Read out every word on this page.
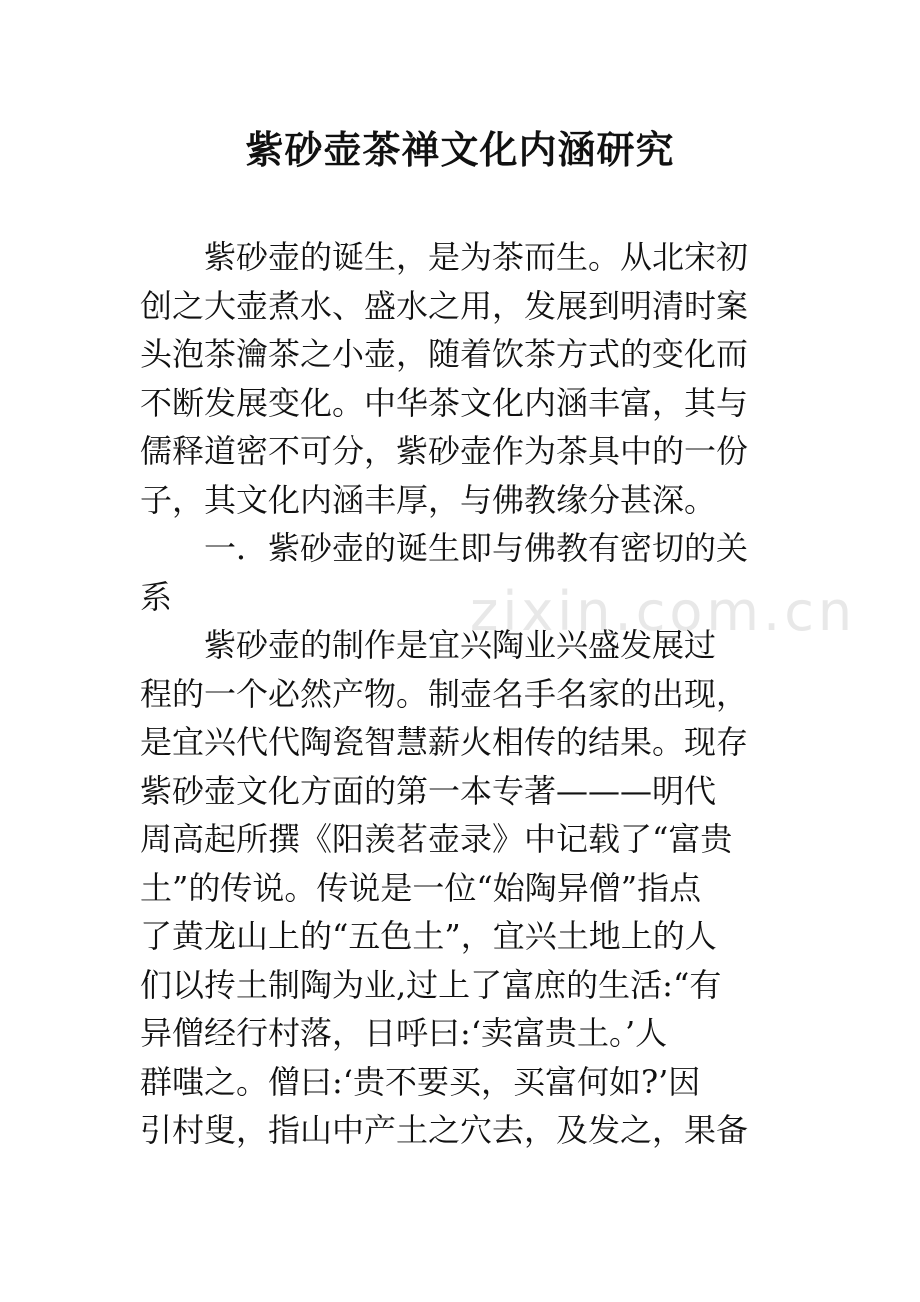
紫砂壶茶禅文化内涵研究
zixin.com.cn

紫砂壶的诞生，是为茶而生。从北宋初

创之大壶煮水、盛水之用，发展到明清时案

头泡茶瀹茶之小壶，随着饮茶方式的变化而

不断发展变化。中华茶文化内涵丰富，其与

儒释道密不可分，紫砂壶作为茶具中的一份

子，其文化内涵丰厚，与佛教缘分甚深。

一．紫砂壶的诞生即与佛教有密切的关

系

紫砂壶的制作是宜兴陶业兴盛发展过

程的一个必然产物。制壶名手名家的出现，

是宜兴代代陶瓷智慧薪火相传的结果。现存

紫砂壶文化方面的第一本专著———明代

周高起所撰《阳羡茗壶录》中记载了“富贵

土”的传说。传说是一位“始陶异僧”指点

了黄龙山上的“五色土”，宜兴土地上的人

们以抟土制陶为业,过上了富庶的生活:“有

异僧经行村落，日呼曰:‘卖富贵土。’人

群嗤之。僧曰:‘贵不要买，买富何如?’因

引村叟，指山中产土之穴去，及发之，果备
